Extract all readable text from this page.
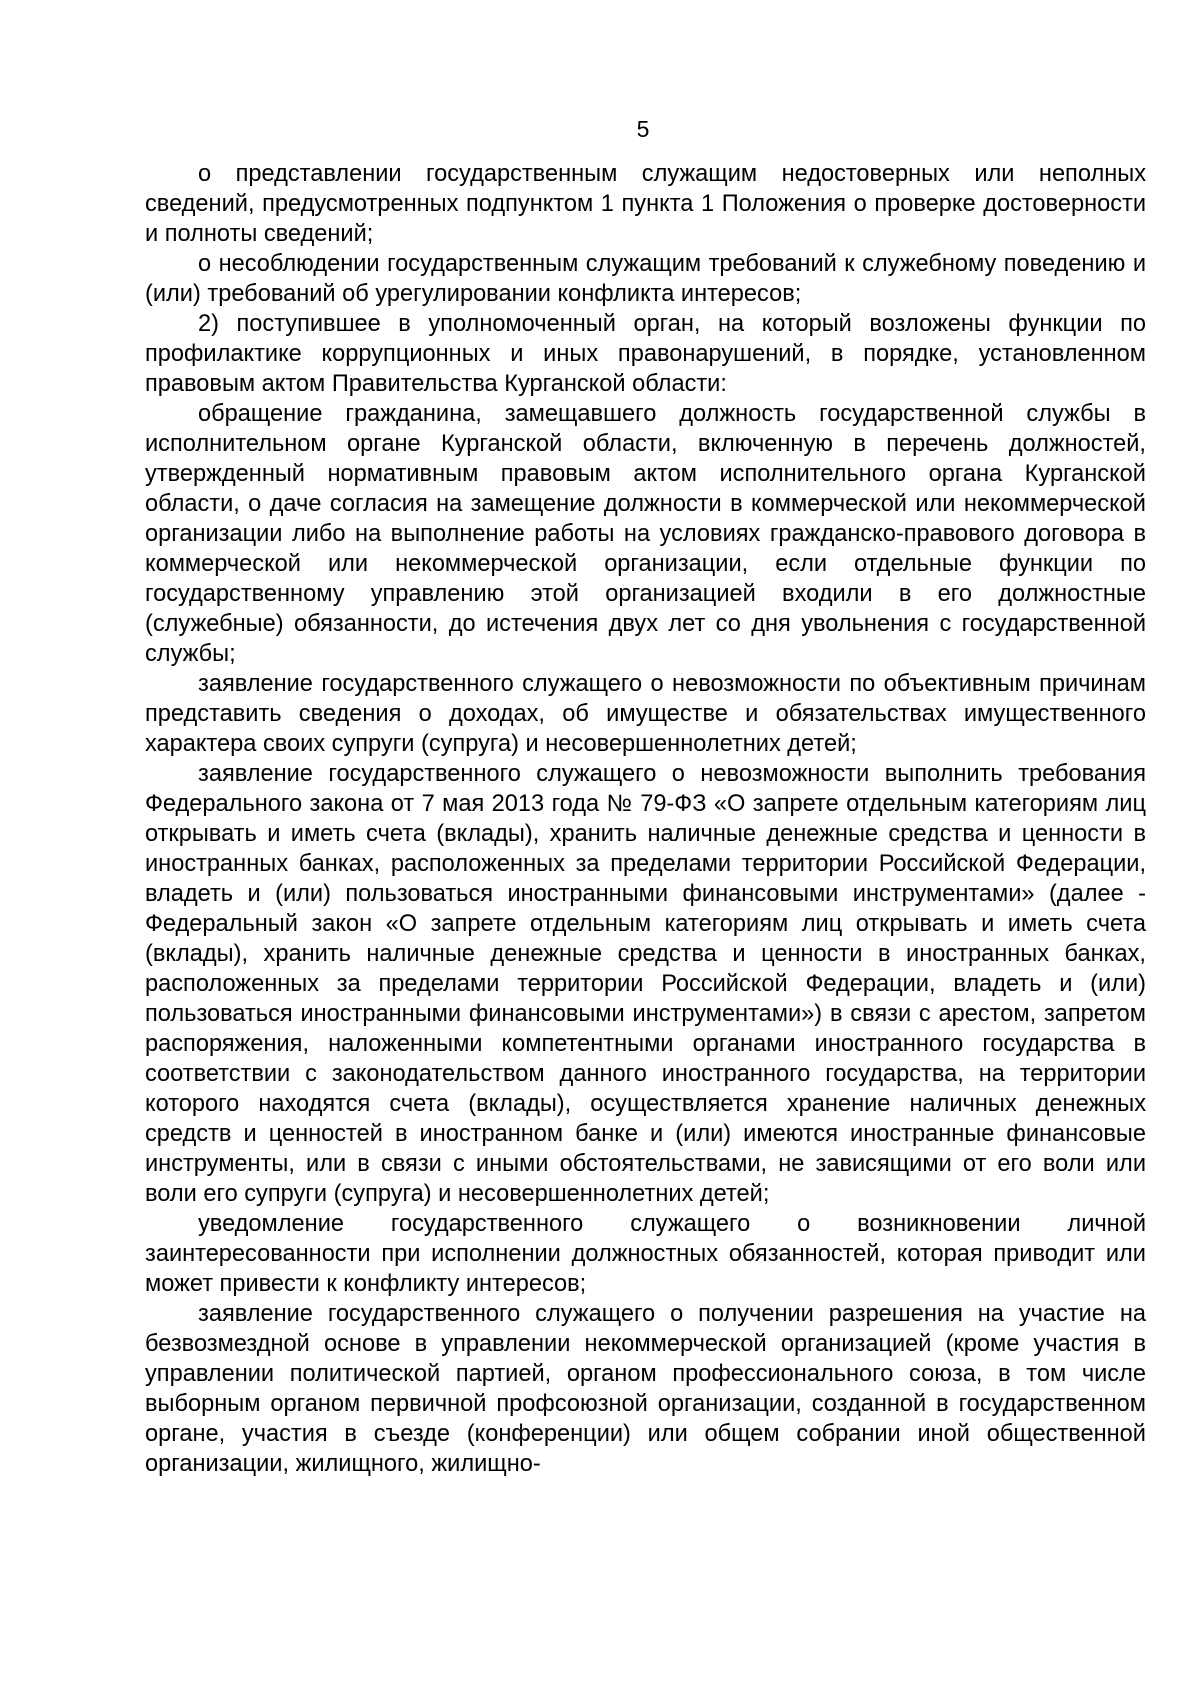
5

о представлении государственным служащим недостоверных или неполных сведений, предусмотренных подпунктом 1 пункта 1 Положения о проверке достоверности и полноты сведений;

о несоблюдении государственным служащим требований к служебному поведению и (или) требований об урегулировании конфликта интересов;

2) поступившее в уполномоченный орган, на который возложены функции по профилактике коррупционных и иных правонарушений, в порядке, установленном правовым актом Правительства Курганской области:

обращение гражданина, замещавшего должность государственной службы в исполнительном органе Курганской области, включенную в перечень должностей, утвержденный нормативным правовым актом исполнительного органа Курганской области, о даче согласия на замещение должности в коммерческой или некоммерческой организации либо на выполнение работы на условиях гражданско-правового договора в коммерческой или некоммерческой организации, если отдельные функции по государственному управлению этой организацией входили в его должностные (служебные) обязанности, до истечения двух лет со дня увольнения с государственной службы;

заявление государственного служащего о невозможности по объективным причинам представить сведения о доходах, об имуществе и обязательствах имущественного характера своих супруги (супруга) и несовершеннолетних детей;

заявление государственного служащего о невозможности выполнить требования Федерального закона от 7 мая 2013 года № 79-ФЗ «О запрете отдельным категориям лиц открывать и иметь счета (вклады), хранить наличные денежные средства и ценности в иностранных банках, расположенных за пределами территории Российской Федерации, владеть и (или) пользоваться иностранными финансовыми инструментами» (далее - Федеральный закон «О запрете отдельным категориям лиц открывать и иметь счета (вклады), хранить наличные денежные средства и ценности в иностранных банках, расположенных за пределами территории Российской Федерации, владеть и (или) пользоваться иностранными финансовыми инструментами») в связи с арестом, запретом распоряжения, наложенными компетентными органами иностранного государства в соответствии с законодательством данного иностранного государства, на территории которого находятся счета (вклады), осуществляется хранение наличных денежных средств и ценностей в иностранном банке и (или) имеются иностранные финансовые инструменты, или в связи с иными обстоятельствами, не зависящими от его воли или воли его супруги (супруга) и несовершеннолетних детей;

уведомление государственного служащего о возникновении личной заинтересованности при исполнении должностных обязанностей, которая приводит или может привести к конфликту интересов;

заявление государственного служащего о получении разрешения на участие на безвозмездной основе в управлении некоммерческой организацией (кроме участия в управлении политической партией, органом профессионального союза, в том числе выборным органом первичной профсоюзной организации, созданной в государственном органе, участия в съезде (конференции) или общем собрании иной общественной организации, жилищного, жилищно-
